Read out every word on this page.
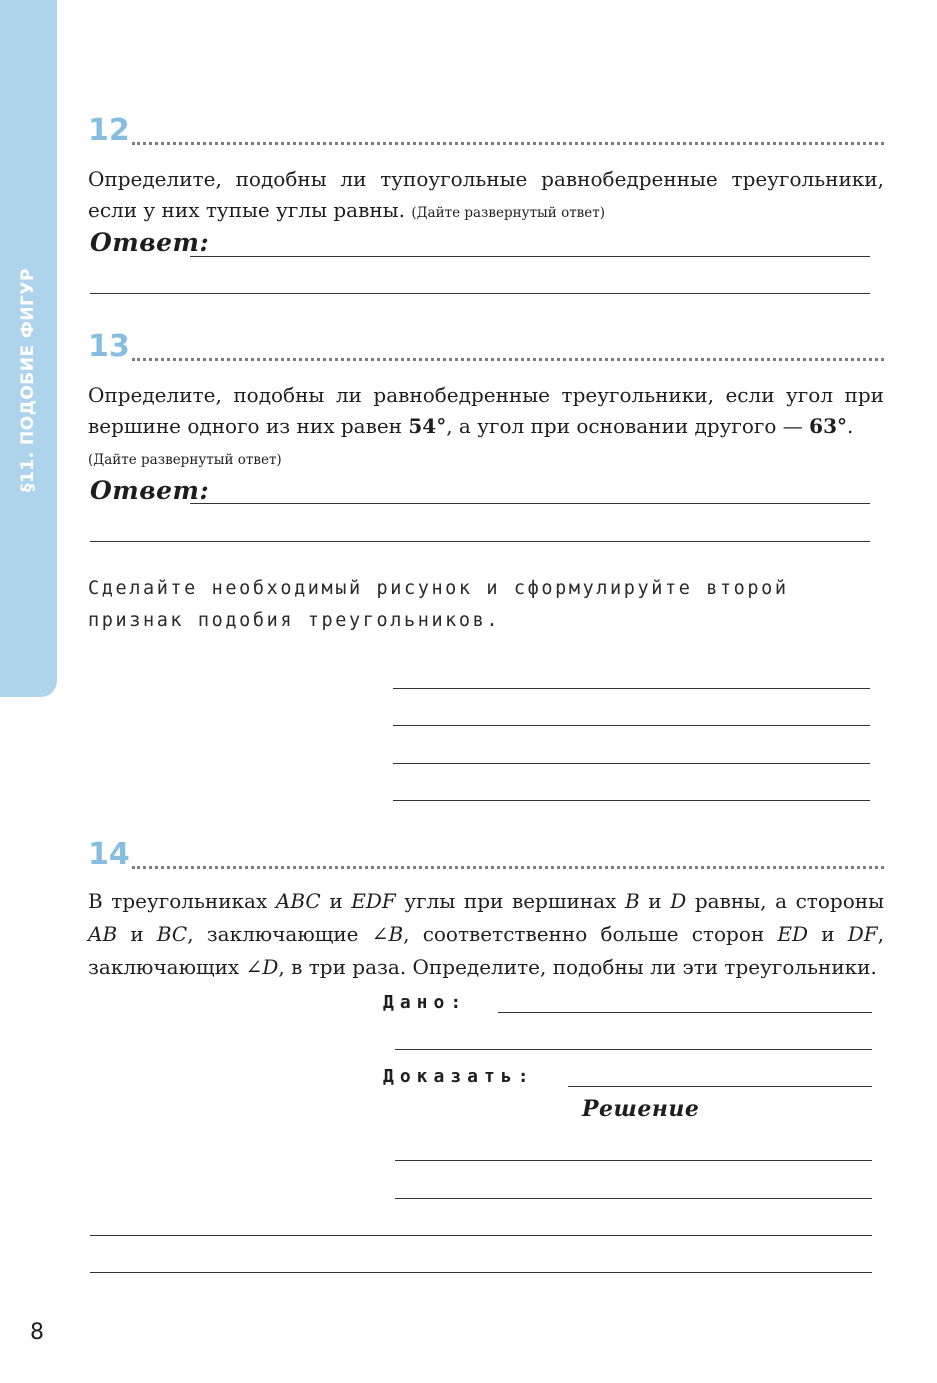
§11. ПОДОБИЕ ФИГУР
12
Определите, подобны ли тупоугольные равнобедренные треугольники, если у них тупые углы равны. (Дайте развернутый ответ)
Ответ:
13
Определите, подобны ли равнобедренные треугольники, если угол при вершине одного из них равен 54°, а угол при основании другого — 63°.
(Дайте развернутый ответ)
Ответ:
Сделайте необходимый рисунок и сформулируйте второй признак подобия треугольников.
14
В треугольниках ABC и EDF углы при вершинах B и D равны, а стороны AB и BC, заключающие ∠B, соответственно больше сторон ED и DF, заключающих ∠D, в три раза. Определите, подобны ли эти треугольники.
Дано:
Доказать:
Решение
8
